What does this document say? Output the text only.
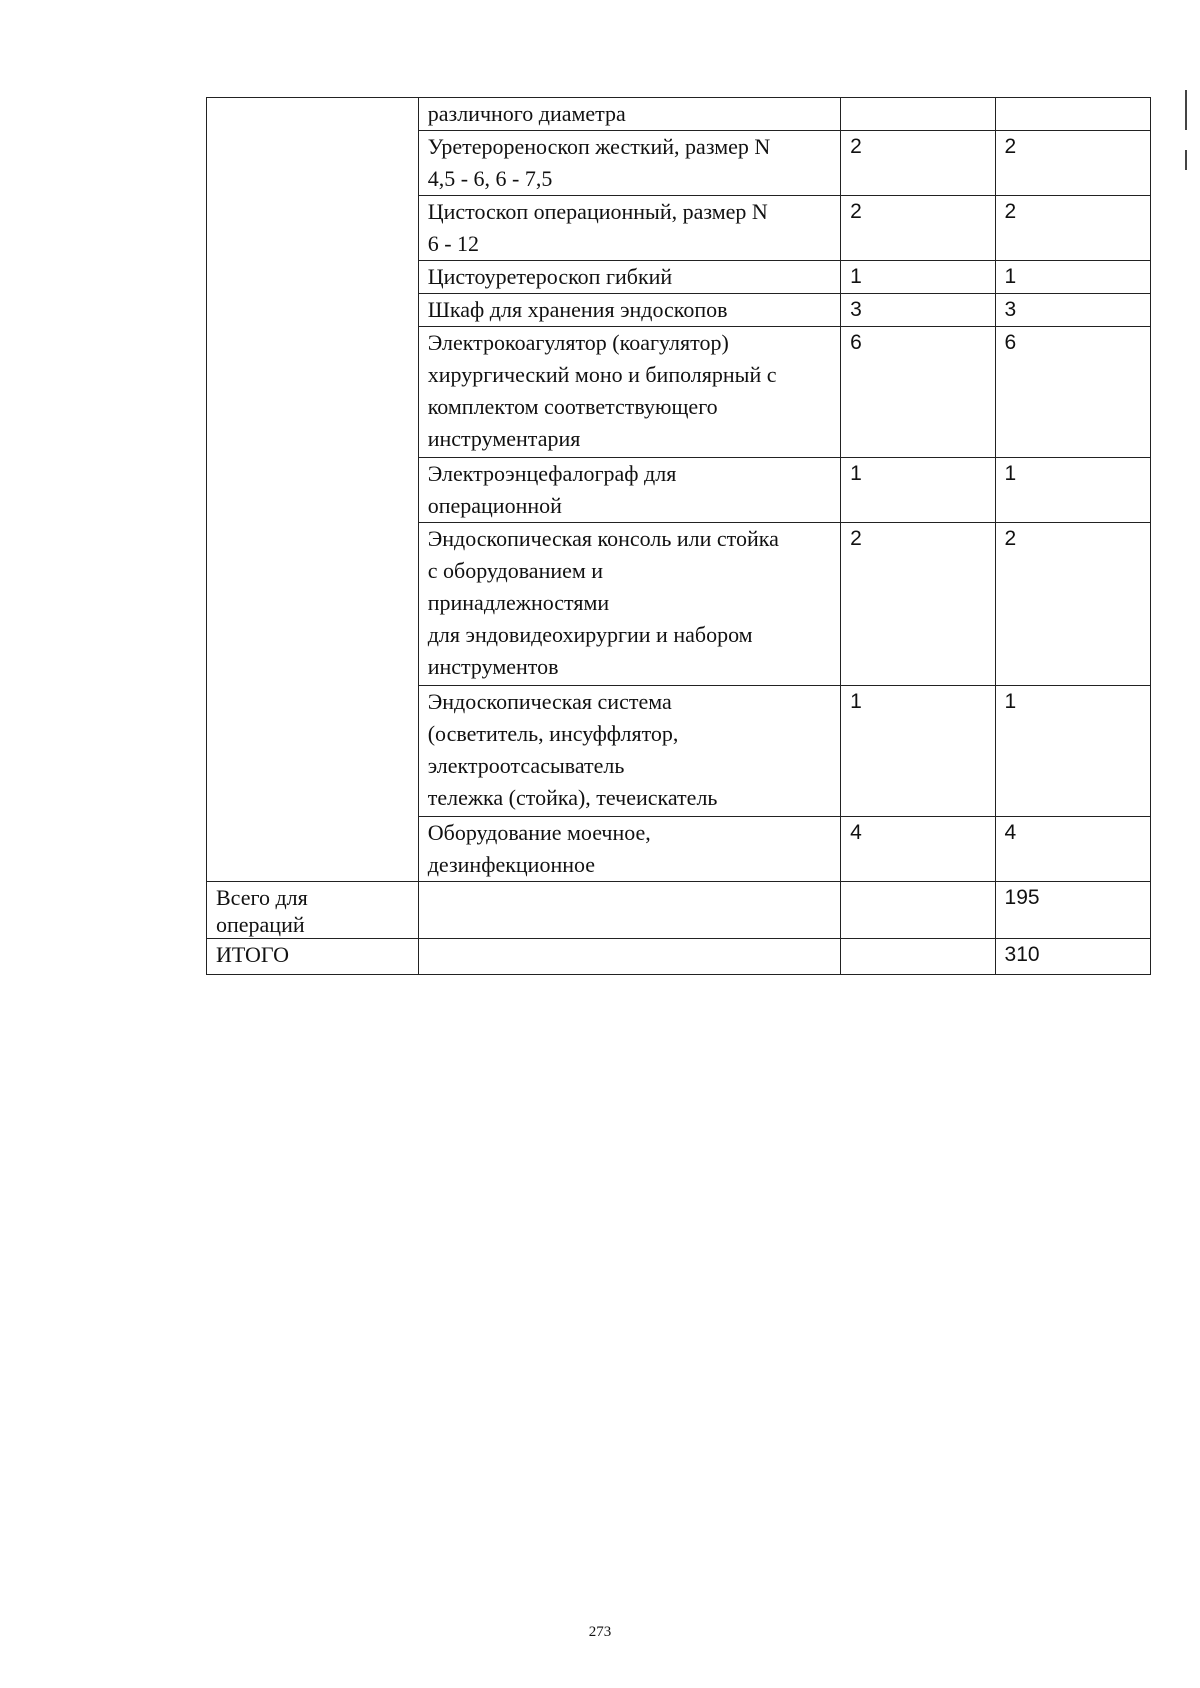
	различного диаметра		
	Уретерореноскоп жесткий, размер N
4,5 - 6, 6 - 7,5	2	2
	Цистоскоп операционный, размер N
6 - 12	2	2
	Цистоуретероскоп гибкий	1	1
	Шкаф для хранения эндоскопов	3	3
	Электрокоагулятор (коагулятор)
хирургический моно и биполярный с
комплектом соответствующего
инструментария	6	6
	Электроэнцефалограф для
операционной	1	1
	Эндоскопическая консоль или стойка
с оборудованием и
принадлежностями
для эндовидеохирургии и набором
инструментов	2	2
	Эндоскопическая система
(осветитель, инсуффлятор,
электроотсасыватель
тележка (стойка), течеискатель	1	1
	Оборудование моечное,
дезинфекционное	4	4
Всего для
операций			195
ИТОГО			310
273
